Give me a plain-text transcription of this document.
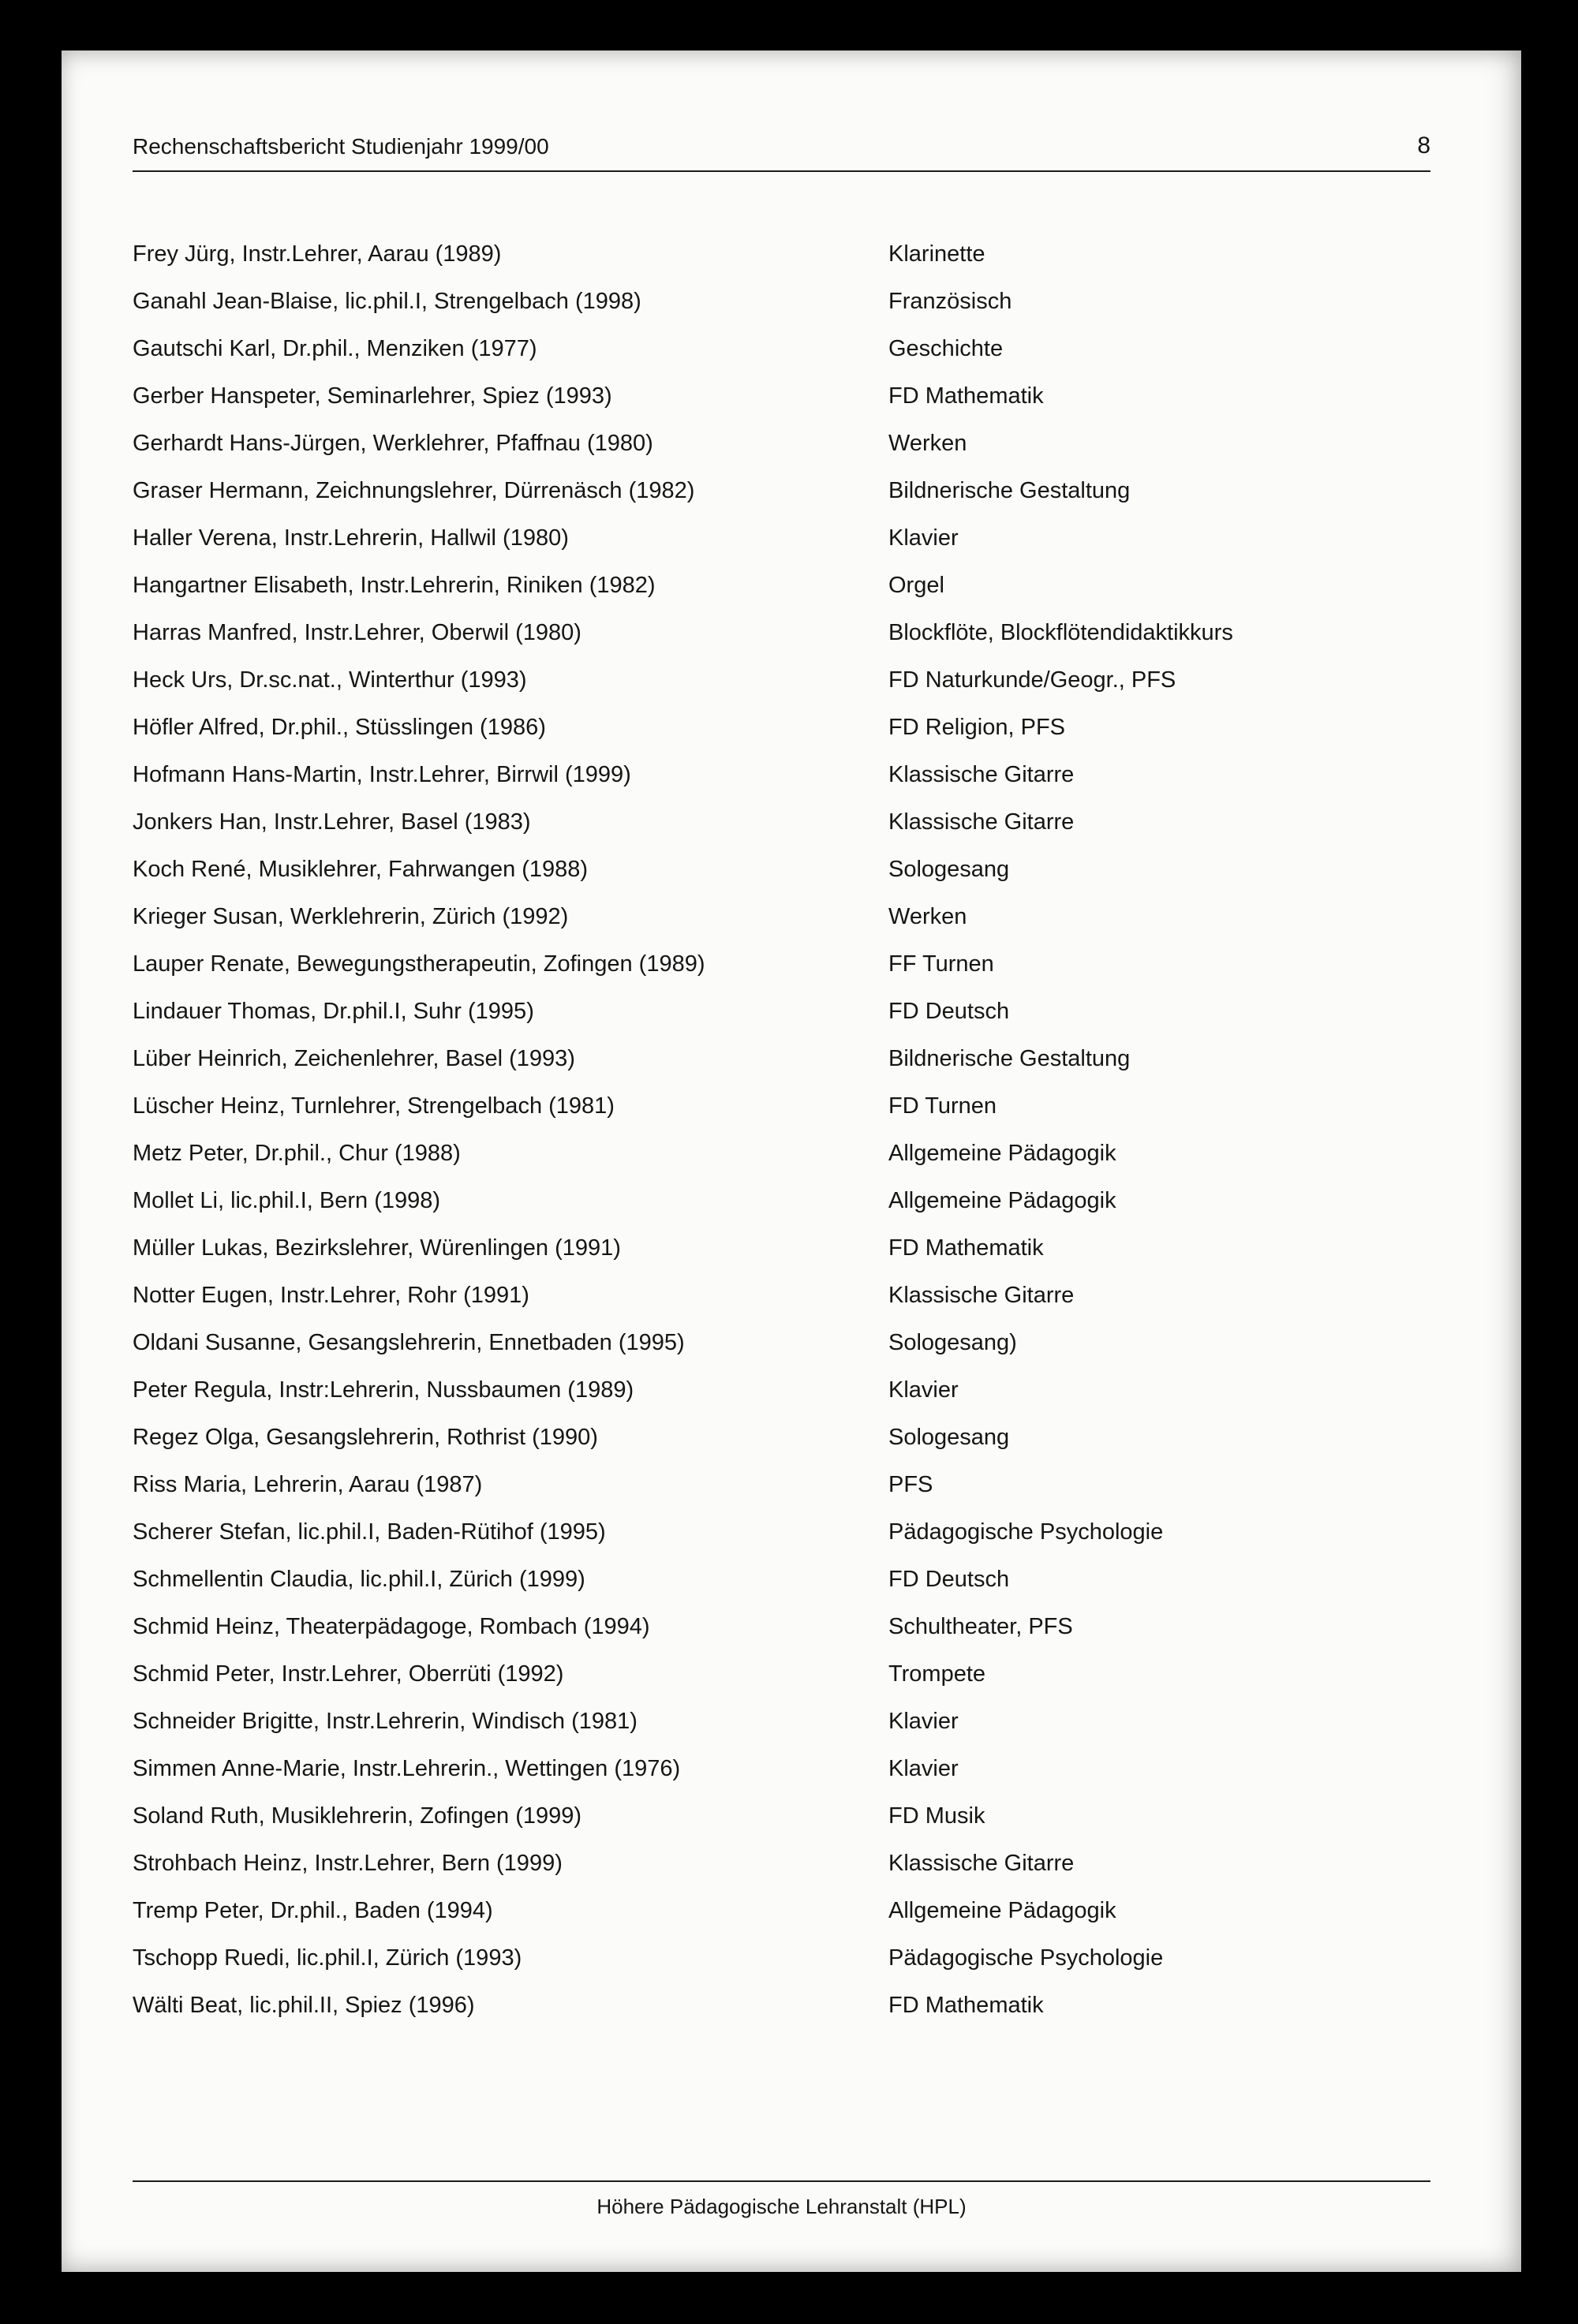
Rechenschaftsbericht Studienjahr 1999/00	8
Frey Jürg, Instr.Lehrer, Aarau (1989)	Klarinette
Ganahl Jean-Blaise, lic.phil.I, Strengelbach (1998)	Französisch
Gautschi Karl, Dr.phil., Menziken (1977)	Geschichte
Gerber Hanspeter, Seminarlehrer, Spiez (1993)	FD Mathematik
Gerhardt Hans-Jürgen, Werklehrer, Pfaffnau (1980)	Werken
Graser Hermann, Zeichnungslehrer, Dürrenäsch (1982)	Bildnerische Gestaltung
Haller Verena, Instr.Lehrerin, Hallwil (1980)	Klavier
Hangartner Elisabeth, Instr.Lehrerin, Riniken (1982)	Orgel
Harras Manfred, Instr.Lehrer, Oberwil (1980)	Blockflöte, Blockflötendidaktikkurs
Heck Urs, Dr.sc.nat., Winterthur (1993)	FD Naturkunde/Geogr., PFS
Höfler Alfred, Dr.phil., Stüsslingen (1986)	FD Religion, PFS
Hofmann Hans-Martin, Instr.Lehrer, Birrwil (1999)	Klassische Gitarre
Jonkers Han, Instr.Lehrer, Basel (1983)	Klassische Gitarre
Koch René, Musiklehrer, Fahrwangen (1988)	Sologesang
Krieger Susan, Werklehrerin, Zürich (1992)	Werken
Lauper Renate, Bewegungstherapeutin, Zofingen (1989)	FF Turnen
Lindauer Thomas, Dr.phil.I, Suhr (1995)	FD Deutsch
Lüber Heinrich, Zeichenlehrer, Basel (1993)	Bildnerische Gestaltung
Lüscher Heinz, Turnlehrer, Strengelbach (1981)	FD Turnen
Metz Peter, Dr.phil., Chur (1988)	Allgemeine Pädagogik
Mollet Li, lic.phil.I, Bern (1998)	Allgemeine Pädagogik
Müller Lukas, Bezirkslehrer, Würenlingen (1991)	FD Mathematik
Notter Eugen, Instr.Lehrer, Rohr (1991)	Klassische Gitarre
Oldani Susanne, Gesangslehrerin, Ennetbaden (1995)	Sologesang)
Peter Regula, Instr:Lehrerin, Nussbaumen (1989)	Klavier
Regez Olga, Gesangslehrerin, Rothrist (1990)	Sologesang
Riss Maria, Lehrerin, Aarau (1987)	PFS
Scherer Stefan, lic.phil.I, Baden-Rütihof (1995)	Pädagogische Psychologie
Schmellentin Claudia, lic.phil.I, Zürich (1999)	FD Deutsch
Schmid Heinz, Theaterpädagoge, Rombach (1994)	Schultheater, PFS
Schmid Peter, Instr.Lehrer, Oberrüti (1992)	Trompete
Schneider Brigitte, Instr.Lehrerin, Windisch (1981)	Klavier
Simmen Anne-Marie, Instr.Lehrerin., Wettingen (1976)	Klavier
Soland Ruth, Musiklehrerin, Zofingen (1999)	FD Musik
Strohbach Heinz, Instr.Lehrer, Bern (1999)	Klassische Gitarre
Tremp Peter, Dr.phil., Baden (1994)	Allgemeine Pädagogik
Tschopp Ruedi, lic.phil.I, Zürich (1993)	Pädagogische Psychologie
Wälti Beat, lic.phil.II, Spiez (1996)	FD Mathematik
Höhere Pädagogische Lehranstalt (HPL)
